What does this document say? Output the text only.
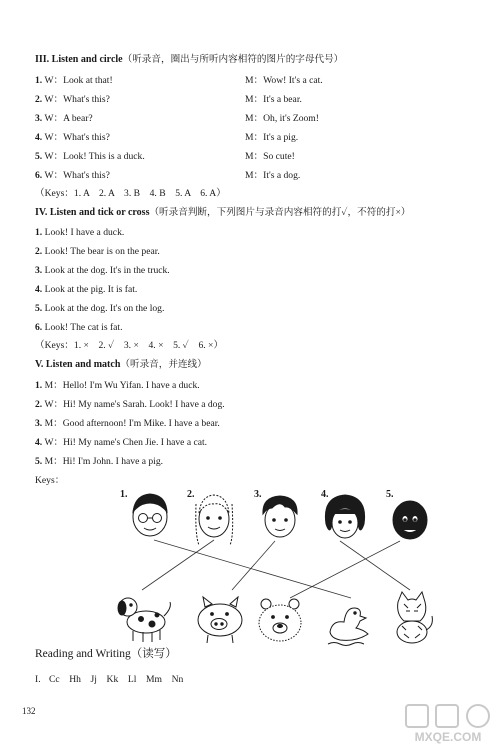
III. Listen and circle（听录音，圈出与所听内容相符的图片的字母代号）
1. W：Look at that!	M：Wow! It's a cat.
2. W：What's this?	M：It's a bear.
3. W：A bear?	M：Oh, it's Zoom!
4. W：What's this?	M：It's a pig.
5. W：Look! This is a duck.	M：So cute!
6. W：What's this?	M：It's a dog.
（Keys：1. A　2. A　3. B　4. B　5. A　6. A）
IV. Listen and tick or cross（听录音判断，下列图片与录音内容相符的打✓，不符的打×）
1. Look! I have a duck.
2. Look! The bear is on the pear.
3. Look at the dog. It's in the truck.
4. Look at the pig. It is fat.
5. Look at the dog. It's on the log.
6. Look! The cat is fat.
（Keys：1. ×　2. ✓　3. ×　4. ×　5. ✓　6. ×）
V. Listen and match（听录音，并连线）
1. M：Hello! I'm Wu Yifan. I have a duck.
2. W：Hi! My name's Sarah. Look! I have a dog.
3. M：Good afternoon! I'm Mike. I have a bear.
4. W：Hi! My name's Chen Jie. I have a cat.
5. M：Hi! I'm John. I have a pig.
Keys：
1.	2.	3.	4.	5.
Reading and Writing（读写）
I. Cc　Hh　Jj　Kk　Ll　Mm　Nn
132
MXQE.COM
